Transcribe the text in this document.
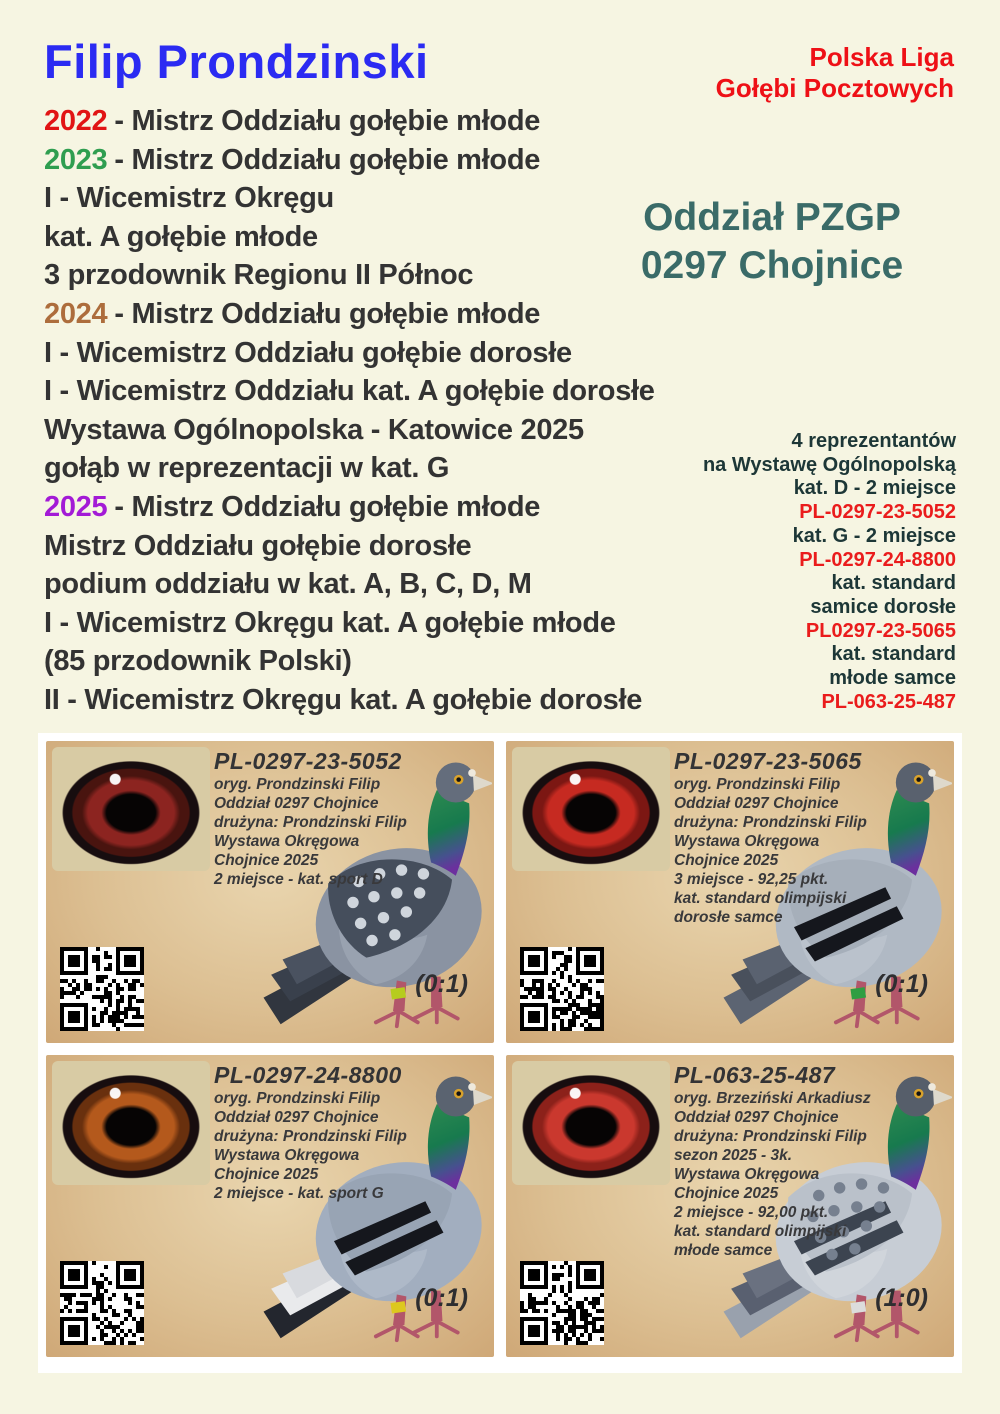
Filip Prondzinski	Polska Liga
Gołębi Pocztowych
Oddział PZGP
0297 Chojnice
2022 - Mistrz Oddziału gołębie młode
2023 - Mistrz Oddziału gołębie młode
I - Wicemistrz Okręgu
kat. A gołębie młode
3 przodownik Regionu II Północ
2024 - Mistrz Oddziału gołębie młode
I - Wicemistrz Oddziału gołębie dorosłe
I - Wicemistrz Oddziału kat. A gołębie dorosłe
Wystawa Ogólnopolska - Katowice 2025
gołąb w reprezentacji w kat. G
2025 - Mistrz Oddziału gołębie młode
Mistrz Oddziału gołębie dorosłe
podium oddziału w kat. A, B, C, D, M
I - Wicemistrz Okręgu kat. A gołębie młode
(85 przodownik Polski)
II - Wicemistrz Okręgu kat. A gołębie dorosłe
4 reprezentantów
na Wystawę Ogólnopolską
kat. D - 2 miejsce
PL-0297-23-5052
kat. G - 2 miejsce
PL-0297-24-8800
kat. standard
samice dorosłe
PL0297-23-5065
kat. standard
młode samce
PL-063-25-487
PL-0297-23-5052
oryg. Prondzinski Filip
Oddział 0297 Chojnice
drużyna: Prondzinski Filip
Wystawa Okręgowa
Chojnice 2025
2 miejsce - kat. sport D
(0:1)
PL-0297-23-5065
oryg. Prondzinski Filip
Oddział 0297 Chojnice
drużyna: Prondzinski Filip
Wystawa Okręgowa
Chojnice 2025
3 miejsce - 92,25 pkt.
kat. standard olimpijski
dorosłe samce
(0:1)
PL-0297-24-8800
oryg. Prondzinski Filip
Oddział 0297 Chojnice
drużyna: Prondzinski Filip
Wystawa Okręgowa
Chojnice 2025
2 miejsce - kat. sport G
(0:1)
PL-063-25-487
oryg. Brzeziński Arkadiusz
Oddział 0297 Chojnice
drużyna: Prondzinski Filip
sezon 2025 - 3k.
Wystawa Okręgowa
Chojnice 2025
2 miejsce - 92,00 pkt.
kat. standard olimpijski
młode samce
(1:0)
